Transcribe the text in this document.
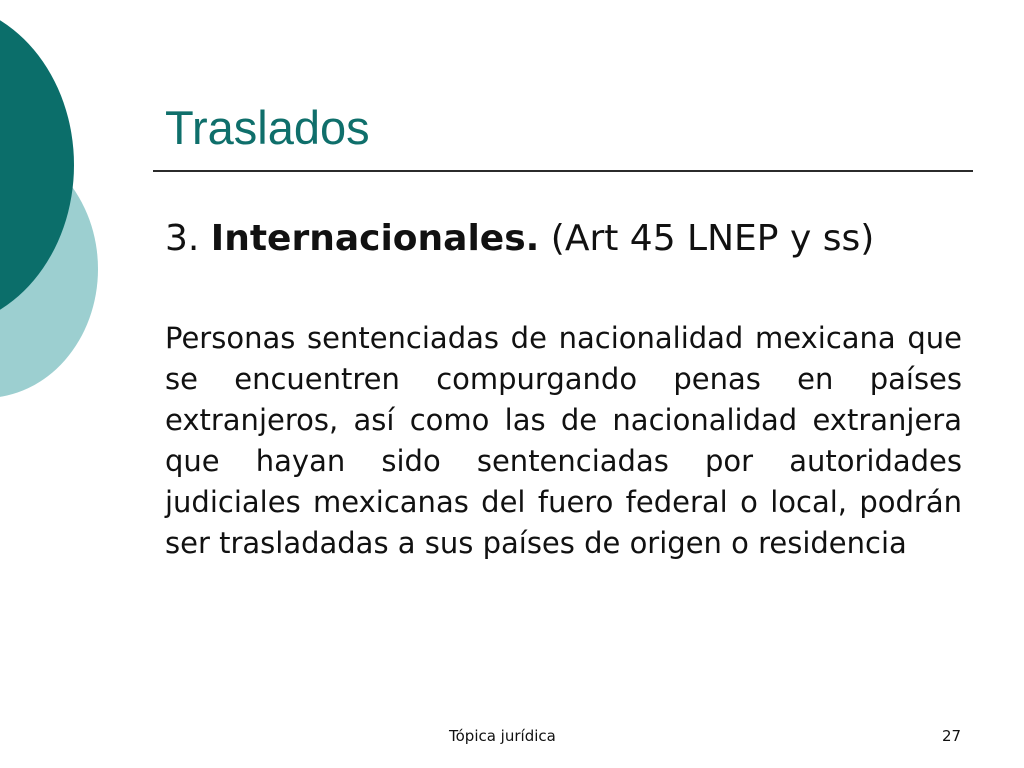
Traslados

3. Internacionales. (Art 45 LNEP y ss)

Personas sentenciadas de nacionalidad mexicana que se encuentren compurgando penas en países extranjeros, así como las de nacionalidad extranjera que hayan sido sentenciadas por autoridades judiciales mexicanas del fuero federal o local, podrán ser trasladadas a sus países de origen o residencia

Tópica jurídica	27
